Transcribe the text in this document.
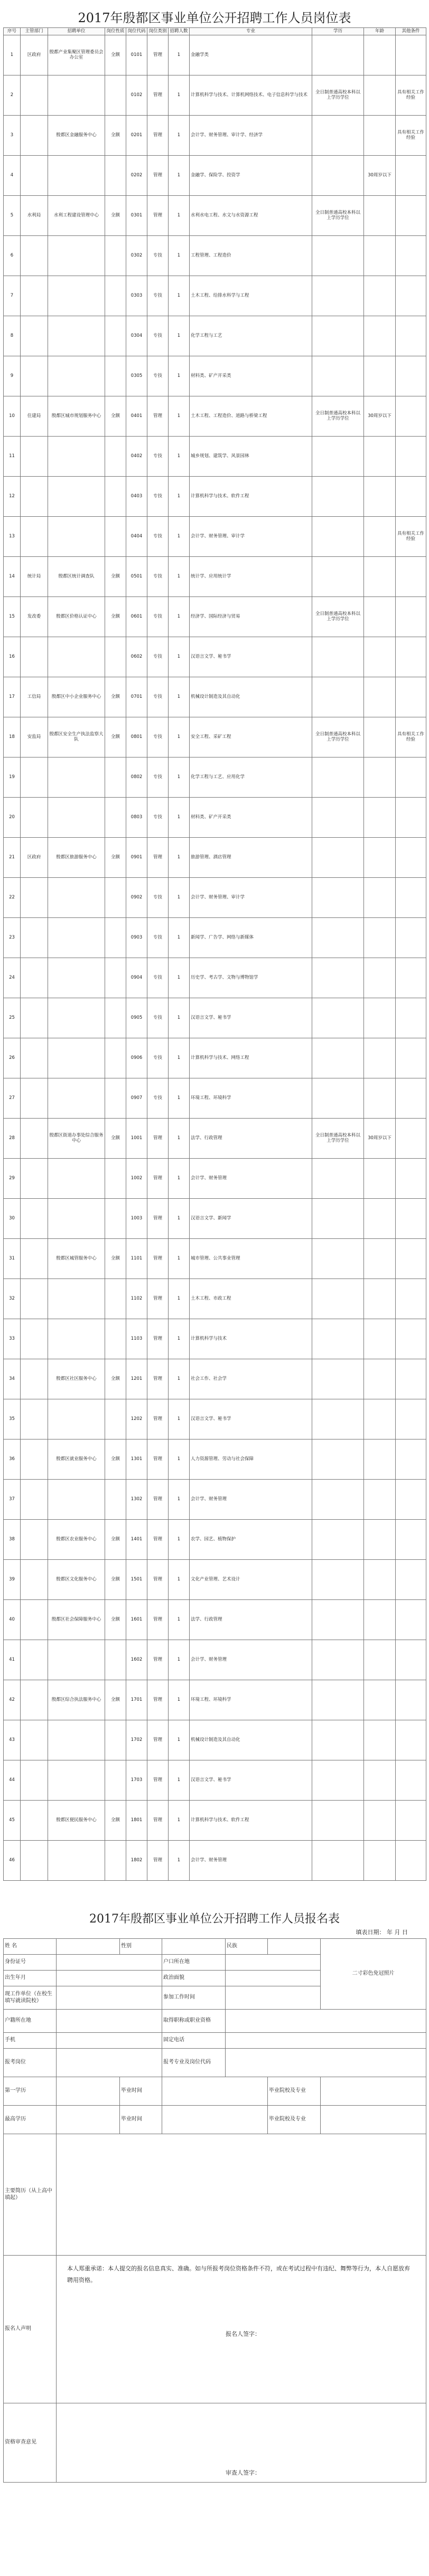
2017年殷都区事业单位公开招聘工作人员岗位表
序号	主管部门	招聘单位	岗位性质	岗位代码	岗位类别	招聘人数	专业	学历	年龄	其他条件
1	区政府	殷都产业集聚区管理委员会办公室	全额	0101	管理	1	金融学类			
2				0102	管理	1	计算机科学与技术、计算机网络技术、电子信息科学与技术	全日制普通高校本科以上学历学位		具有相关工作经验
3		殷都区金融服务中心	全额	0201	管理	1	会计学、财务管理、审计学、经济学			具有相关工作经验
4				0202	管理	1	金融学、保险学、投资学		30周岁以下	
5	水利局	水利工程建设管理中心	全额	0301	管理	1	水利水电工程、水文与水资源工程	全日制普通高校本科以上学历学位		
6				0302	专技	1	工程管理、工程造价			
7				0303	专技	1	土木工程、给排水科学与工程			
8				0304	专技	1	化学工程与工艺			
9				0305	专技	1	材料类、矿产开采类			
10	住建局	殷都区城市规划服务中心	全额	0401	管理	1	土木工程、工程造价、道路与桥梁工程	全日制普通高校本科以上学历学位	30周岁以下	
11				0402	专技	1	城乡规划、建筑学、风景园林			
12				0403	专技	1	计算机科学与技术、软件工程			
13				0404	专技	1	会计学、财务管理、审计学			具有相关工作经验
14	统计局	殷都区统计调查队	全额	0501	专技	1	统计学、应用统计学			
15	发改委	殷都区价格认证中心	全额	0601	专技	1	经济学、国际经济与贸易	全日制普通高校本科以上学历学位		
16				0602	专技	1	汉语言文学、秘书学			
17	工信局	殷都区中小企业服务中心	全额	0701	专技	1	机械设计制造及其自动化			
18	安监局	殷都区安全生产执法监察大队	全额	0801	专技	1	安全工程、采矿工程	全日制普通高校本科以上学历学位		具有相关工作经验
19				0802	专技	1	化学工程与工艺、应用化学			
20				0803	专技	1	材料类、矿产开采类			
21	区政府	殷都区旅游服务中心	全额	0901	管理	1	旅游管理、酒店管理			
22				0902	专技	1	会计学、财务管理、审计学			
23				0903	专技	1	新闻学、广告学、网络与新媒体			
24				0904	专技	1	历史学、考古学、文物与博物馆学			
25				0905	专技	1	汉语言文学、秘书学			
26				0906	专技	1	计算机科学与技术、网络工程			
27				0907	专技	1	环境工程、环境科学			
28		殷都区街道办事处综合服务中心	全额	1001	管理	1	法学、行政管理	全日制普通高校本科以上学历学位	30周岁以下	
29				1002	管理	1	会计学、财务管理			
30				1003	管理	1	汉语言文学、新闻学			
31		殷都区城管服务中心	全额	1101	管理	1	城市管理、公共事业管理			
32				1102	管理	1	土木工程、市政工程			
33				1103	管理	1	计算机科学与技术			
34		殷都区社区服务中心	全额	1201	管理	1	社会工作、社会学			
35				1202	管理	1	汉语言文学、秘书学			
36		殷都区就业服务中心	全额	1301	管理	1	人力资源管理、劳动与社会保障			
37				1302	管理	1	会计学、财务管理			
38		殷都区农业服务中心	全额	1401	管理	1	农学、园艺、植物保护			
39		殷都区文化服务中心	全额	1501	管理	1	文化产业管理、艺术设计			
40		殷都区社会保障服务中心	全额	1601	管理	1	法学、行政管理			
41				1602	管理	1	会计学、财务管理			
42		殷都区综合执法服务中心	全额	1701	管理	1	环境工程、环境科学			
43				1702	管理	1	机械设计制造及其自动化			
44				1703	管理	1	汉语言文学、秘书学			
45		殷都区便民服务中心	全额	1801	管理	1	计算机科学与技术、软件工程			
46				1802	管理	1	会计学、财务管理			
2017年殷都区事业单位公开招聘工作人员报名表
填表日期： 年 月 日
姓 名		性别		民族		二寸彩色免冠照片
身份证号			户口所在地			
出生年月			政治面貌			
现工作单位（在校生填写就读院校）			参加工作时间			
户籍所在地			取得职称或职业资格			
手机			固定电话			
报考岗位			报考专业及岗位代码			
第一学历		毕业时间			毕业院校及专业	
最高学历		毕业时间			毕业院校及专业	
主要简历（从上高中填起）						
报名人声明	本人郑重承诺：本人提交的报名信息真实、准确。如与所报考岗位资格条件不符，或在考试过程中有违纪、舞弊等行为，本人自愿放弃聘用资格。
报名人签字：					

资格审查意见	审查人签字：					
